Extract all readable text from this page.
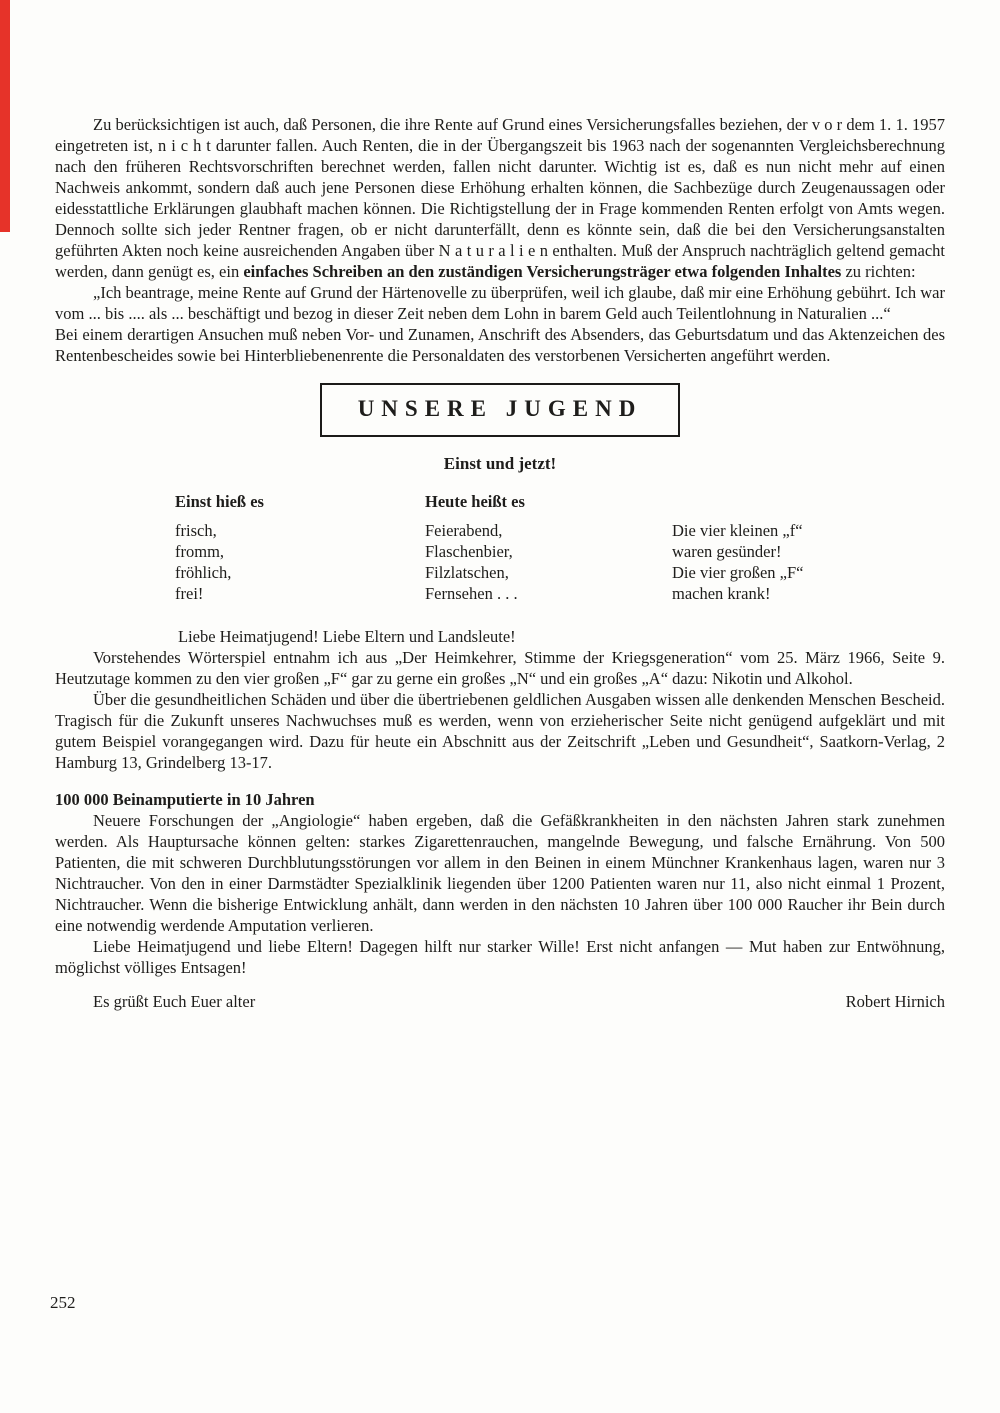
Zu berücksichtigen ist auch, daß Personen, die ihre Rente auf Grund eines Versicherungsfalles beziehen, der v o r dem 1. 1. 1957 eingetreten ist, n i c h t darunter fallen. Auch Renten, die in der Übergangszeit bis 1963 nach der sogenannten Vergleichsberechnung nach den früheren Rechtsvorschriften berechnet werden, fallen nicht darunter. Wichtig ist es, daß es nun nicht mehr auf einen Nachweis ankommt, sondern daß auch jene Personen diese Erhöhung erhalten können, die Sachbezüge durch Zeugenaussagen oder eidesstattliche Erklärungen glaubhaft machen können. Die Richtigstellung der in Frage kommenden Renten erfolgt von Amts wegen. Dennoch sollte sich jeder Rentner fragen, ob er nicht darunterfällt, denn es könnte sein, daß die bei den Versicherungsanstalten geführten Akten noch keine ausreichenden Angaben über N a t u r a l i e n enthalten. Muß der Anspruch nachträglich geltend gemacht werden, dann genügt es, ein einfaches Schreiben an den zuständigen Versicherungsträger etwa folgenden Inhaltes zu richten:

„Ich beantrage, meine Rente auf Grund der Härtenovelle zu überprüfen, weil ich glaube, daß mir eine Erhöhung gebührt. Ich war vom ... bis .... als ... beschäftigt und bezog in dieser Zeit neben dem Lohn in barem Geld auch Teilentlohnung in Naturalien ...“

Bei einem derartigen Ansuchen muß neben Vor- und Zunamen, Anschrift des Absenders, das Geburtsdatum und das Aktenzeichen des Rentenbescheides sowie bei Hinterbliebenenrente die Personaldaten des verstorbenen Versicherten angeführt werden.

UNSERE JUGEND
Einst und jetzt!
Einst hieß es	Heute heißt es
frisch,	Feierabend,	Die vier kleinen „f“
fromm,	Flaschenbier,	waren gesünder!
fröhlich,	Filzlatschen,	Die vier großen „F“
frei!	Fernsehen . . .	machen krank!
Liebe Heimatjugend! Liebe Eltern und Landsleute!

Vorstehendes Wörterspiel entnahm ich aus „Der Heimkehrer, Stimme der Kriegsgeneration“ vom 25. März 1966, Seite 9. Heutzutage kommen zu den vier großen „F“ gar zu gerne ein großes „N“ und ein großes „A“ dazu: Nikotin und Alkohol.

Über die gesundheitlichen Schäden und über die übertriebenen geldlichen Ausgaben wissen alle denkenden Menschen Bescheid. Tragisch für die Zukunft unseres Nachwuchses muß es werden, wenn von erzieherischer Seite nicht genügend aufgeklärt und mit gutem Beispiel vorangegangen wird. Dazu für heute ein Abschnitt aus der Zeitschrift „Leben und Gesundheit“, Saatkorn-Verlag, 2 Hamburg 13, Grindelberg 13-17.

100 000 Beinamputierte in 10 Jahren

Neuere Forschungen der „Angiologie“ haben ergeben, daß die Gefäßkrankheiten in den nächsten Jahren stark zunehmen werden. Als Hauptursache können gelten: starkes Zigarettenrauchen, mangelnde Bewegung, und falsche Ernährung. Von 500 Patienten, die mit schweren Durchblutungsstörungen vor allem in den Beinen in einem Münchner Krankenhaus lagen, waren nur 3 Nichtraucher. Von den in einer Darmstädter Spezialklinik liegenden über 1200 Patienten waren nur 11, also nicht einmal 1 Prozent, Nichtraucher. Wenn die bisherige Entwicklung anhält, dann werden in den nächsten 10 Jahren über 100 000 Raucher ihr Bein durch eine notwendig werdende Amputation verlieren.

Liebe Heimatjugend und liebe Eltern! Dagegen hilft nur starker Wille! Erst nicht anfangen — Mut haben zur Entwöhnung, möglichst völliges Entsagen!

Es grüßt Euch Euer alter	Robert Hirnich
252
